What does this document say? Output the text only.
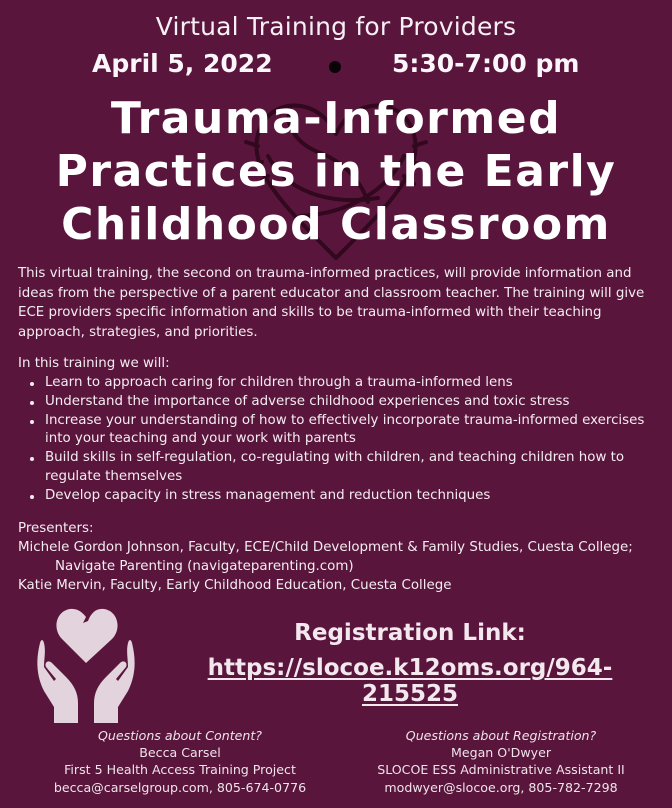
Virtual Training for Providers
April 5, 2022	5:30-7:00 pm
Trauma-Informed
Practices in the Early
Childhood Classroom

This virtual training, the second on trauma-informed practices, will provide information and ideas from the perspective of a parent educator and classroom teacher. The training will give ECE providers specific information and skills to be trauma-informed with their teaching approach, strategies, and priorities.

In this training we will:
Learn to approach caring for children through a trauma-informed lens
Understand the importance of adverse childhood experiences and toxic stress
Increase your understanding of how to effectively incorporate trauma-informed exercises into your teaching and your work with parents
Build skills in self-regulation, co-regulating with children, and teaching children how to regulate themselves
Develop capacity in stress management and reduction techniques
Presenters:
Michele Gordon Johnson, Faculty, ECE/Child Development & Family Studies, Cuesta College;
Navigate Parenting (navigateparenting.com)
Katie Mervin, Faculty, Early Childhood Education, Cuesta College
Registration Link:
https://slocoe.k12oms.org/964-215525
Questions about Content?
Becca Carsel
First 5 Health Access Training Project
becca@carselgroup.com, 805-674-0776
Questions about Registration?
Megan O'Dwyer
SLOCOE ESS Administrative Assistant II
modwyer@slocoe.org, 805-782-7298
